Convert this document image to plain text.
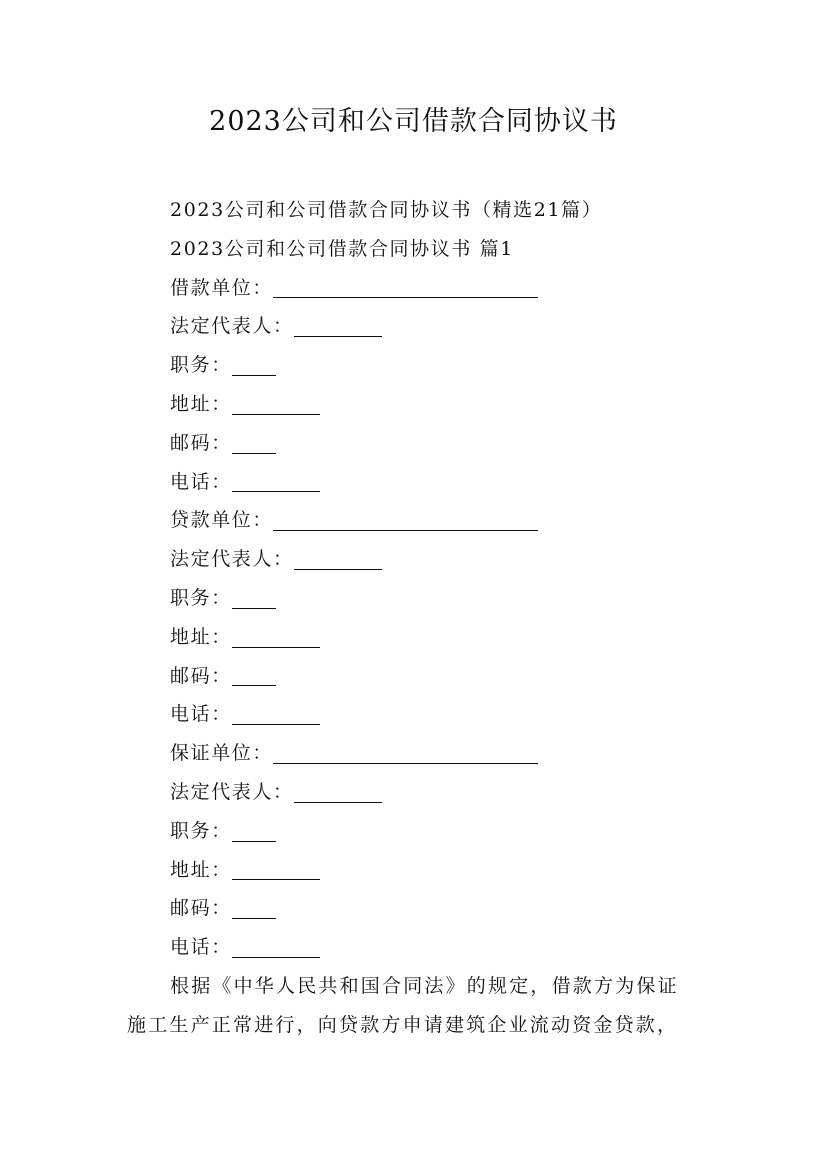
2023公司和公司借款合同协议书
2023公司和公司借款合同协议书（精选21篇）
2023公司和公司借款合同协议书 篇1
借款单位：
法定代表人：
职务：
地址：
邮码：
电话：
贷款单位：
法定代表人：
职务：
地址：
邮码：
电话：
保证单位：
法定代表人：
职务：
地址：
邮码：
电话：
根据《中华人民共和国合同法》的规定，借款方为保证
施工生产正常进行，向贷款方申请建筑企业流动资金贷款，
